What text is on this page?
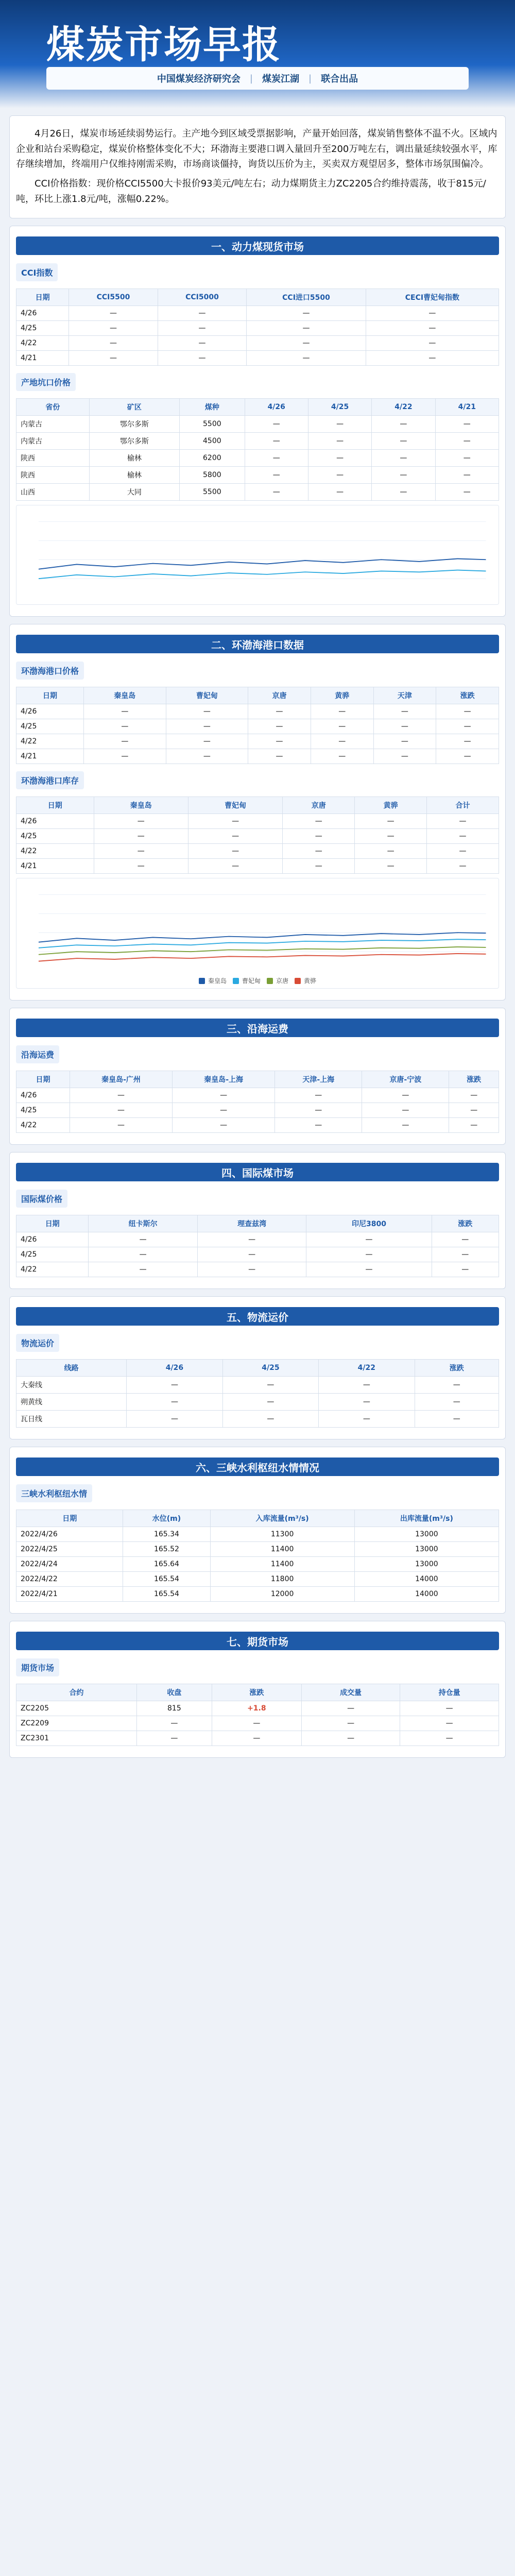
煤炭市场早报
中国煤炭经济研究会 | 煤炭江湖 | 联合出品
4月26日，煤炭市场延续弱势运行。主产地今到区域受票据影响，产量开始回落，煤炭销售整体不温不火。区域内企业和站台采购稳定，煤炭价格整体变化不大；环渤海主要港口调入量回升至200万吨左右，调出量延续较强水平，库存继续增加，终端用户仅维持刚需采购，市场商谈僵持，询货以压价为主，买卖双方观望居多，整体市场氛围偏冷。
CCI价格指数：现价格CCI5500大卡报价93美元/吨左右；动力煤期货主力ZC2205合约维持震荡，收于815元/吨，环比上涨1.8元/吨，涨幅0.22%。
一、动力煤现货市场
CCI指数
日期	CCI5500	CCI5000	CCI进口5500	CECI曹妃甸指数
4/26	—	—	—	—
4/25	—	—	—	—
4/22	—	—	—	—
4/21	—	—	—	—
产地坑口价格
省份	矿区	煤种	4/26	4/25	4/22	4/21
内蒙古	鄂尔多斯	5500	—	—	—	—
内蒙古	鄂尔多斯	4500	—	—	—	—
陕西	榆林	6200	—	—	—	—
陕西	榆林	5800	—	—	—	—
山西	大同	5500	—	—	—	—
二、环渤海港口数据
环渤海港口价格
日期	秦皇岛	曹妃甸	京唐	黄骅	天津	涨跌
4/26	—	—	—	—	—	—
4/25	—	—	—	—	—	—
4/22	—	—	—	—	—	—
4/21	—	—	—	—	—	—
环渤海港口库存
日期	秦皇岛	曹妃甸	京唐	黄骅	合计
4/26	—	—	—	—	—
4/25	—	—	—	—	—
4/22	—	—	—	—	—
4/21	—	—	—	—	—
秦皇岛	曹妃甸	京唐	黄骅
三、沿海运费
沿海运费
日期	秦皇岛-广州	秦皇岛-上海	天津-上海	京唐-宁波	涨跌
4/26	—	—	—	—	—
4/25	—	—	—	—	—
4/22	—	—	—	—	—
四、国际煤市场
国际煤价格
日期	纽卡斯尔	理查兹湾	印尼3800	涨跌
4/26	—	—	—	—
4/25	—	—	—	—
4/22	—	—	—	—
五、物流运价
物流运价
线路	4/26	4/25	4/22	涨跌
大秦线	—	—	—	—
朔黄线	—	—	—	—
瓦日线	—	—	—	—
六、三峡水利枢纽水情情况
三峡水利枢纽水情
日期	水位(m)	入库流量(m³/s)	出库流量(m³/s)
2022/4/26	165.34	11300	13000
2022/4/25	165.52	11400	13000
2022/4/24	165.64	11400	13000
2022/4/22	165.54	11800	14000
2022/4/21	165.54	12000	14000
七、期货市场
期货市场
合约	收盘	涨跌	成交量	持仓量
ZC2205	815	+1.8	—	—
ZC2209	—	—	—	—
ZC2301	—	—	—	—
